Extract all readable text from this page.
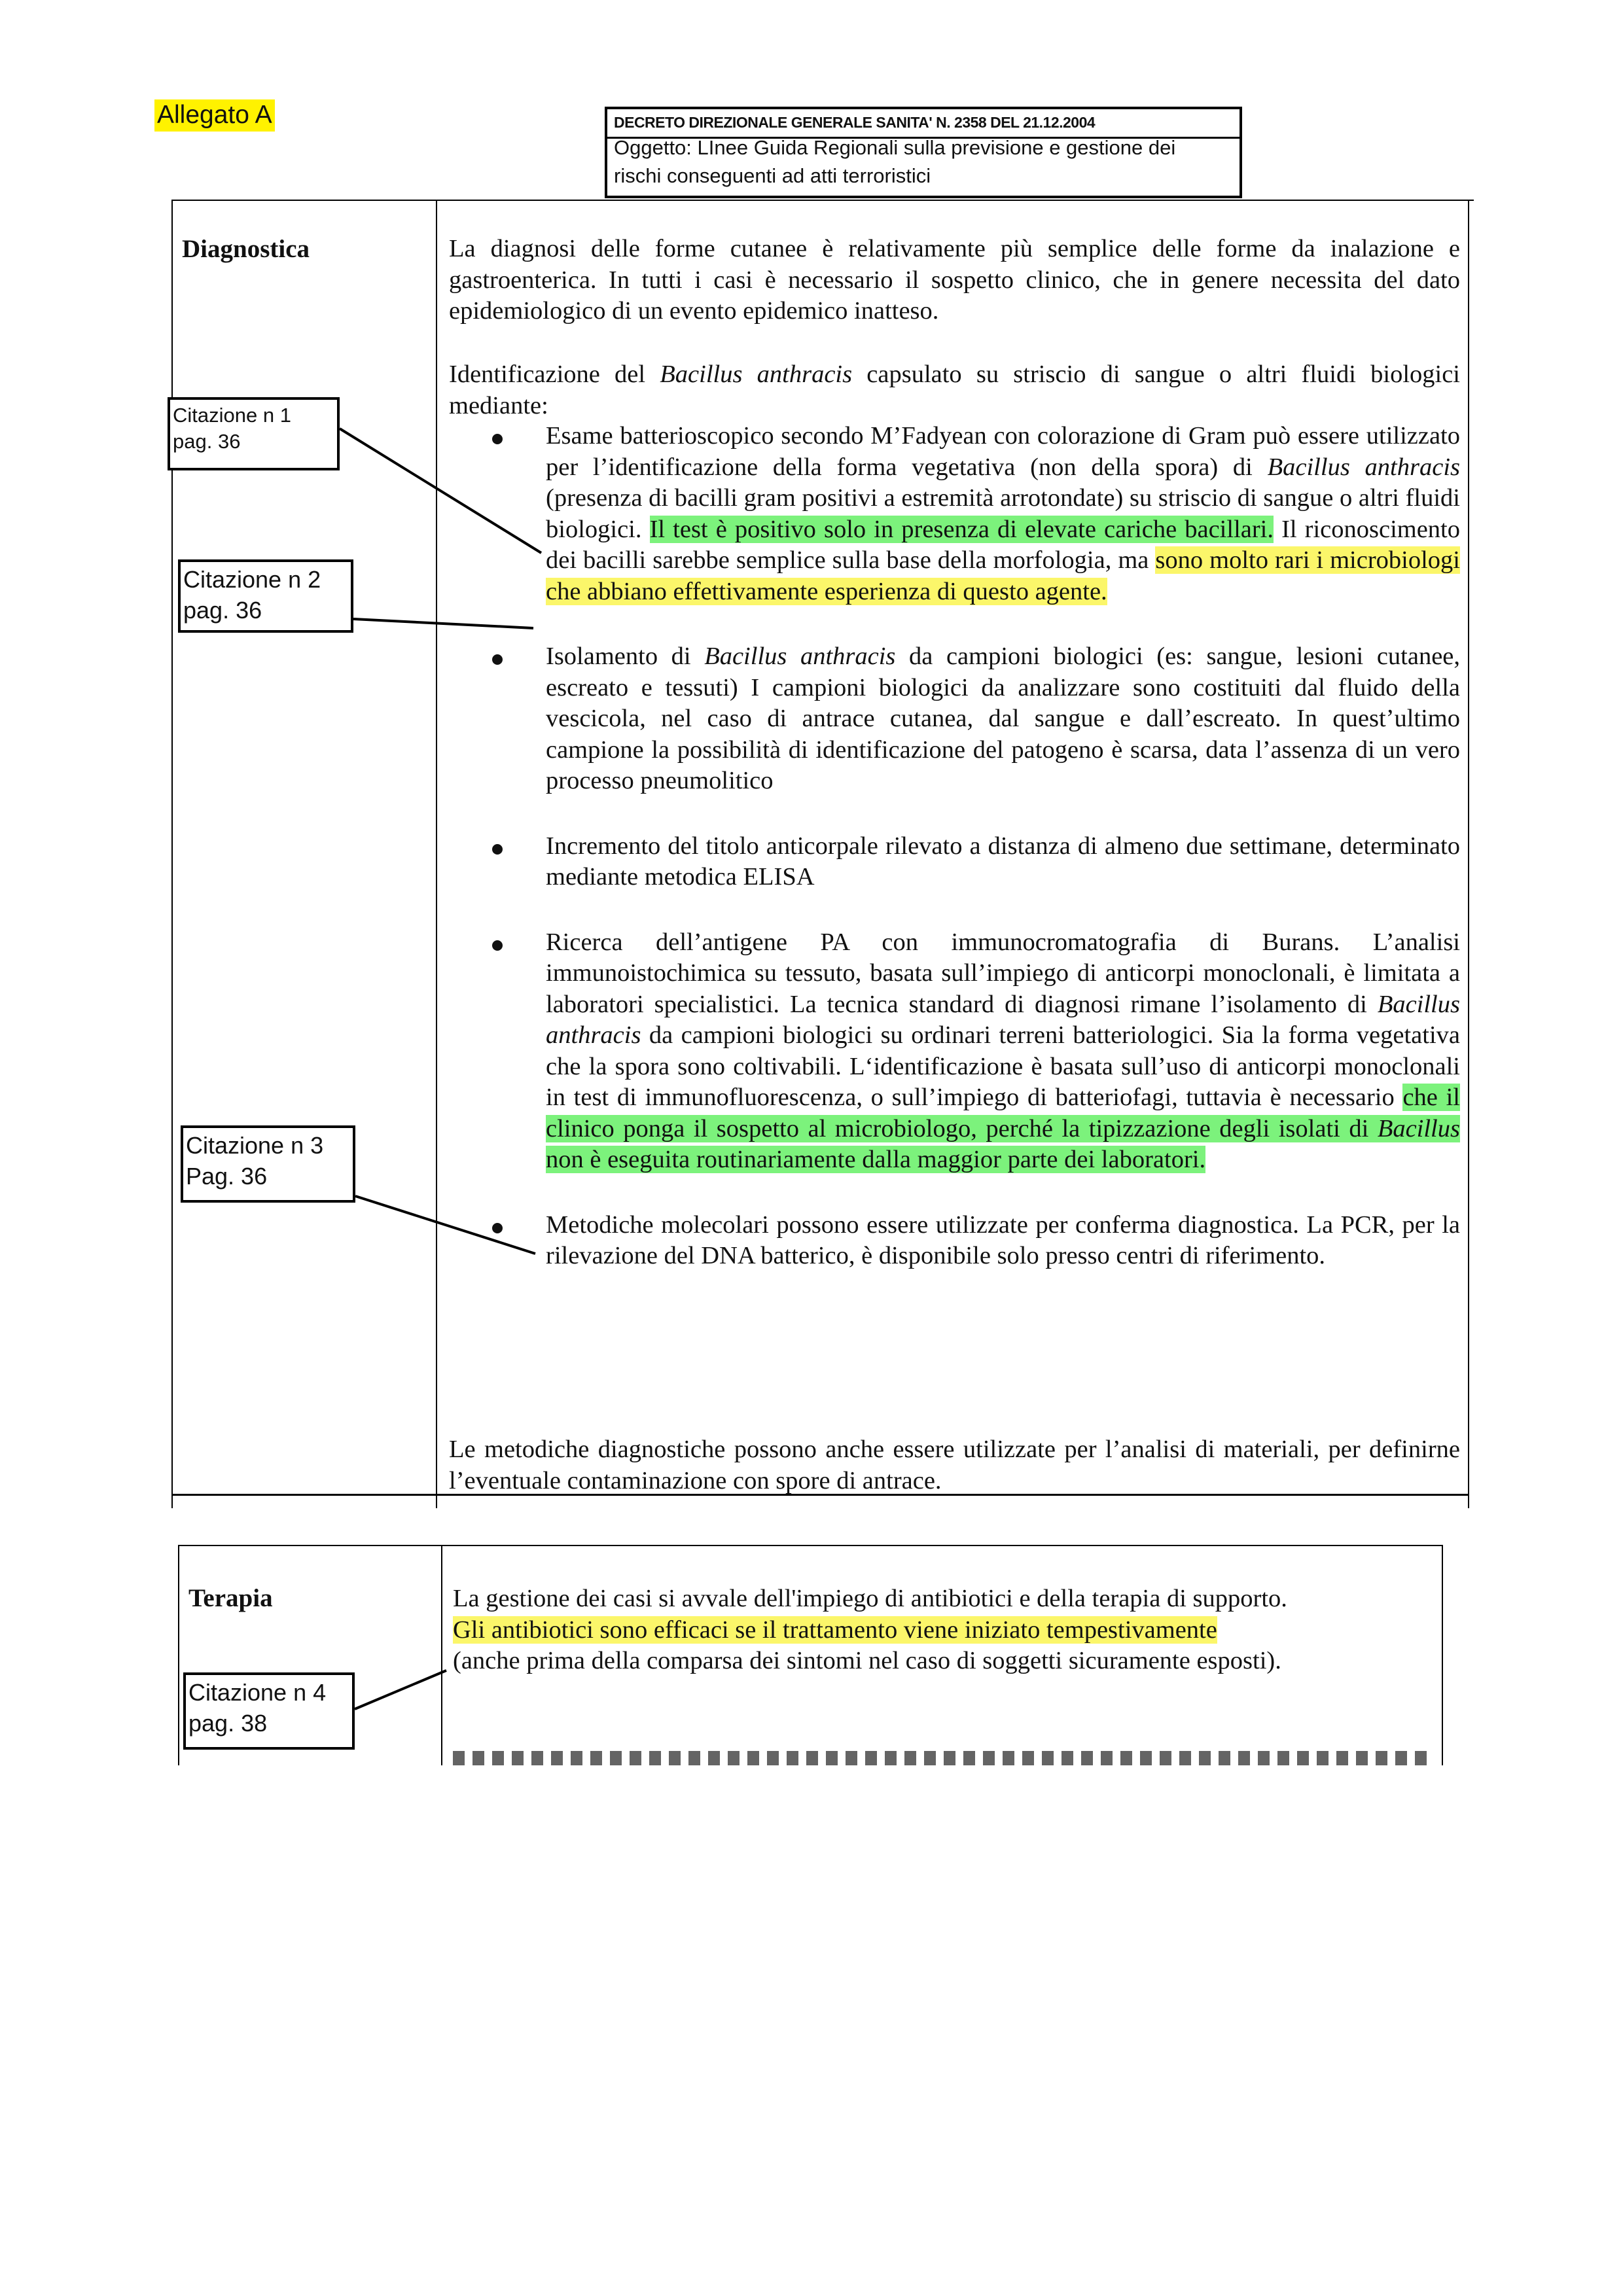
Allegato A	DECRETO DIREZIONALE GENERALE SANITA' N. 2358 DEL 21.12.2004
Oggetto: LInee Guida Regionali sulla previsione e gestione dei
rischi conseguenti ad atti terroristici
Diagnostica	La diagnosi delle forme cutanee è relativamente più semplice delle forme da inalazione e gastroenterica. In tutti i casi è necessario il sospetto clinico, che in genere necessita del dato epidemiologico di un evento epidemico inatteso.
Identificazione del Bacillus anthracis capsulato su striscio di sangue o altri fluidi biologici mediante:
Esame batterioscopico secondo M’Fadyean con colorazione di Gram può essere utilizzato per l’identificazione della forma vegetativa (non della spora) di Bacillus anthracis (presenza di bacilli gram positivi a estremità arrotondate) su striscio di sangue o altri fluidi biologici. Il test è positivo solo in presenza di elevate cariche bacillari. Il riconoscimento dei bacilli sarebbe semplice sulla base della morfologia, ma sono molto rari i microbiologi che abbiano effettivamente esperienza di questo agente.
Isolamento di Bacillus anthracis da campioni biologici (es: sangue, lesioni cutanee, escreato e tessuti) I campioni biologici da analizzare sono costituiti dal fluido della vescicola, nel caso di antrace cutanea, dal sangue e dall’escreato. In quest’ultimo campione la possibilità di identificazione del patogeno è scarsa, data l’assenza di un vero processo pneumolitico
Incremento del titolo anticorpale rilevato a distanza di almeno due settimane, determinato mediante metodica ELISA
Ricerca dell’antigene PA con immunocromatografia di Burans. L’analisi immunoistochimica su tessuto, basata sull’impiego di anticorpi monoclonali, è limitata a laboratori specialistici. La tecnica standard di diagnosi rimane l’isolamento di Bacillus anthracis da campioni biologici su ordinari terreni batteriologici. Sia la forma vegetativa che la spora sono coltivabili. L‘identificazione è basata sull’uso di anticorpi monoclonali in test di immunofluorescenza, o sull’impiego di batteriofagi, tuttavia è necessario che il clinico ponga il sospetto al microbiologo, perché la tipizzazione degli isolati di Bacillus non è eseguita routinariamente dalla maggior parte dei laboratori.
Metodiche molecolari possono essere utilizzate per conferma diagnostica. La PCR, per la rilevazione del DNA batterico, è disponibile solo presso centri di riferimento.
Le metodiche diagnostiche possono anche essere utilizzate per l’analisi di materiali, per definirne l’eventuale contaminazione con spore di antrace.
Terapia	La gestione dei casi si avvale dell'impiego di antibiotici e della terapia di supporto.
Gli antibiotici sono efficaci se il trattamento viene iniziato tempestivamente
(anche prima della comparsa dei sintomi nel caso di soggetti sicuramente esposti).
Citazione n 1
pag. 36
Citazione n 2
pag. 36
Citazione n 3
Pag. 36
Citazione n 4
pag. 38
